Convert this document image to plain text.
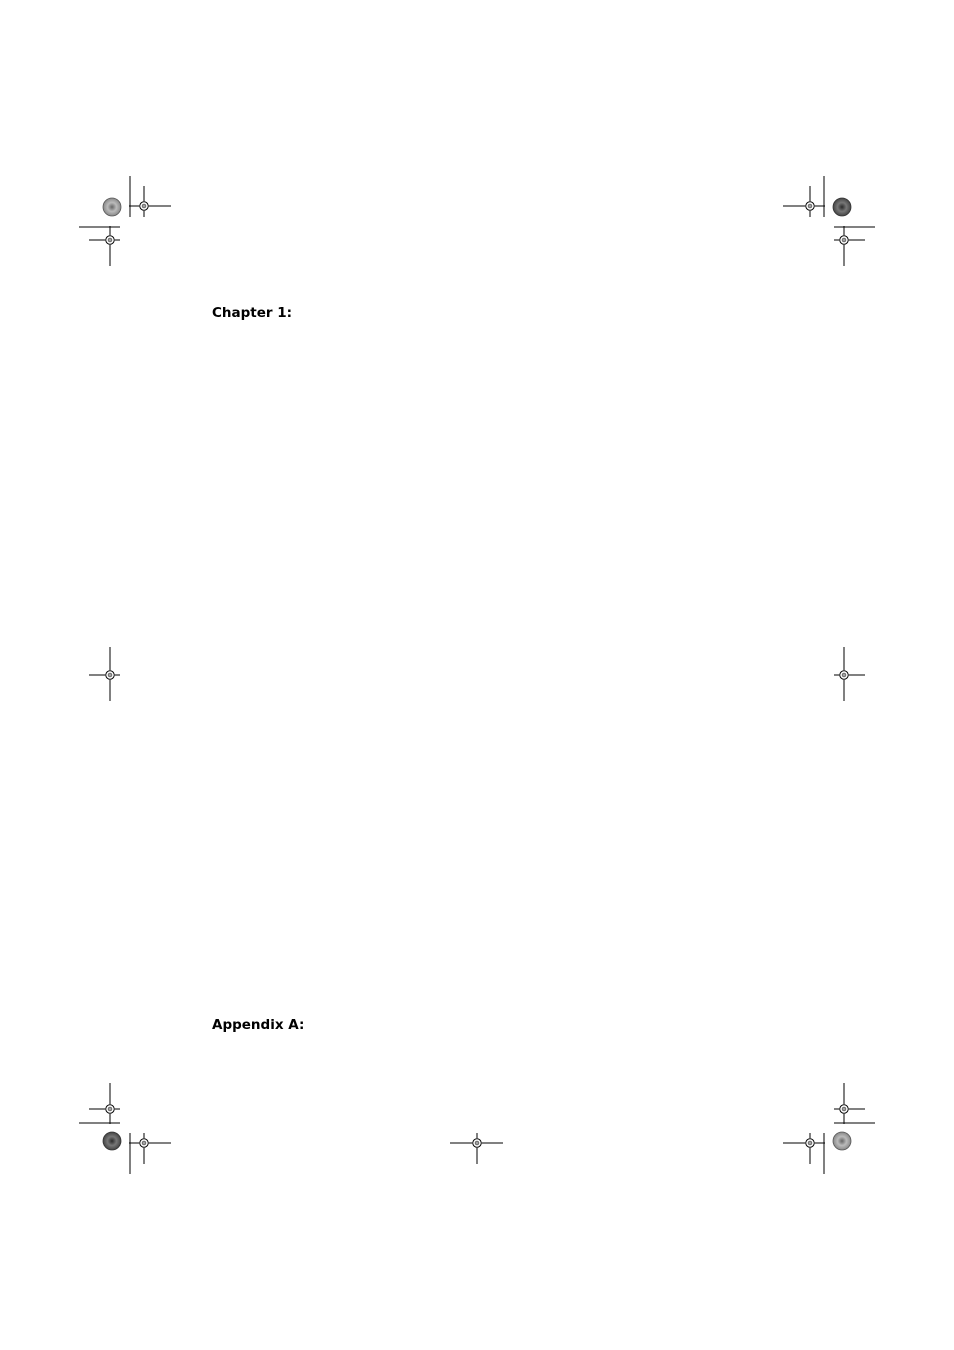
Chapter 1:
Appendix A:
